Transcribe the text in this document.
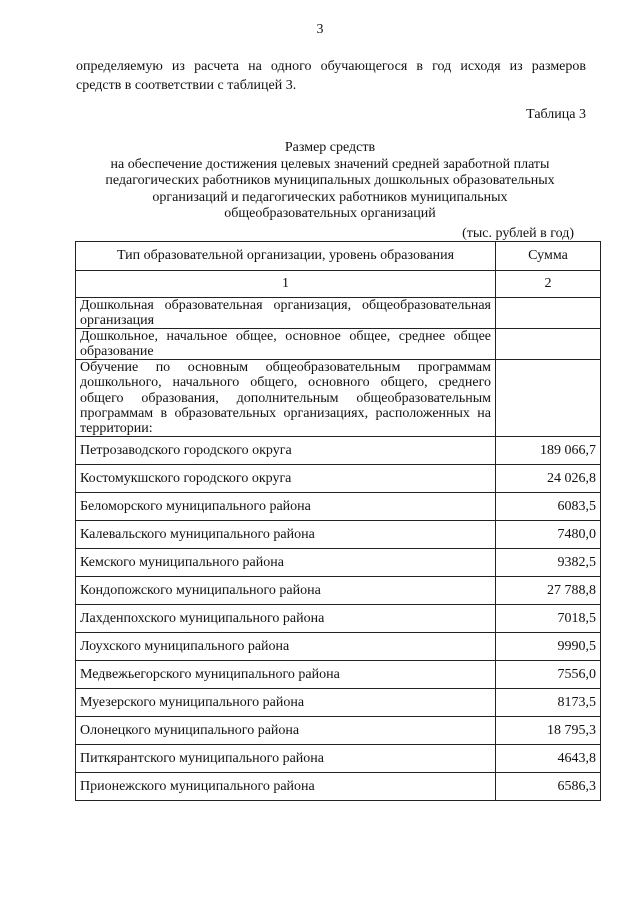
3

определяемую из расчета на одного обучающегося в год исходя из размеров

средств в соответствии с таблицей 3.

Таблица 3
Размер средств
на обеспечение достижения целевых значений средней заработной платы
педагогических работников муниципальных дошкольных образовательных
организаций и педагогических работников муниципальных
общеобразовательных организаций
(тыс. рублей в год)
Тип образовательной организации, уровень образования	Сумма
1	2
Дошкольная образовательная организация, общеобразовательная организация	
Дошкольное, начальное общее, основное общее, среднее общее образование	
Обучение по основным общеобразовательным программам дошкольного, начального общего, основного общего, среднего общего образования, дополнительным общеобразовательным программам в образовательных организациях, расположенных на территории:	
Петрозаводского городского округа	189 066,7
Костомукшского городского округа	24 026,8
Беломорского муниципального района	6083,5
Калевальского муниципального района	7480,0
Кемского муниципального района	9382,5
Кондопожского муниципального района	27 788,8
Лахденпохского муниципального района	7018,5
Лоухского муниципального района	9990,5
Медвежьегорского муниципального района	7556,0
Муезерского муниципального района	8173,5
Олонецкого муниципального района	18 795,3
Питкярантского муниципального района	4643,8
Прионежского муниципального района	6586,3
